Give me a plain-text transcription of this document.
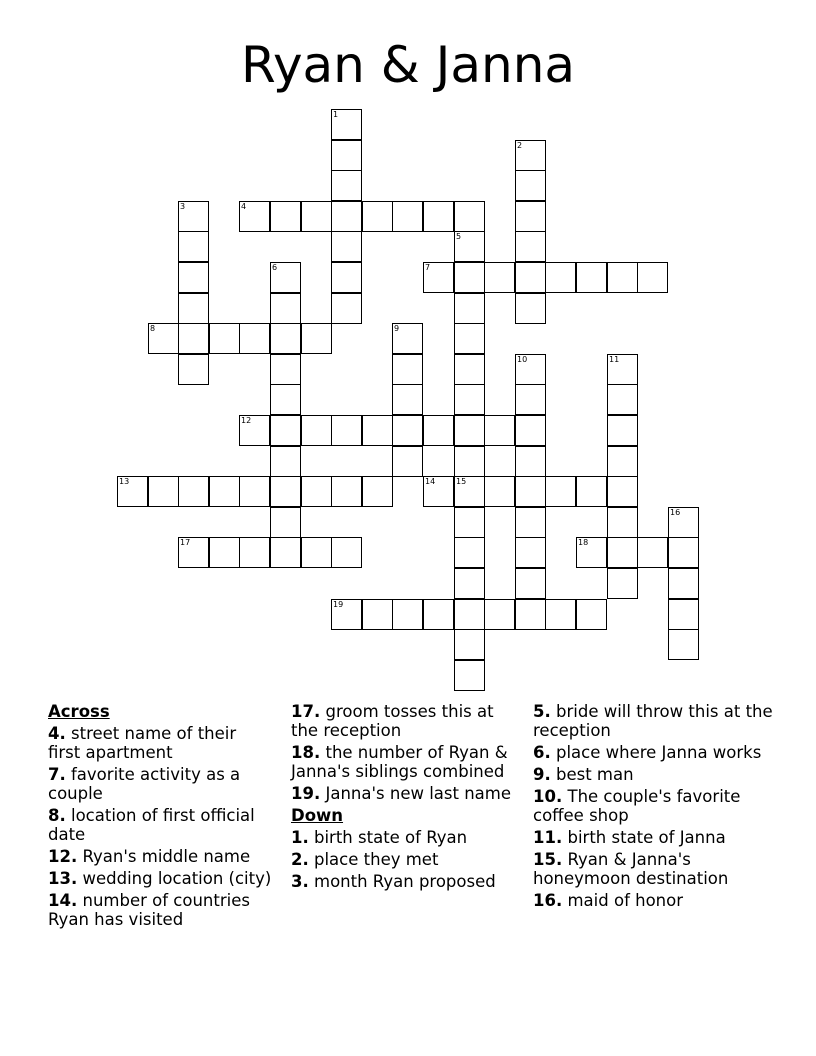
Ryan & Janna
1
2
3	4
5
6	7
8	9
10	11
12
13	14	15
16
17	18
19
Across
4. street name of their first apartment
7. favorite activity as a couple
8. location of first official date
12. Ryan's middle name
13. wedding location (city)
14. number of countries Ryan has visited
17. groom tosses this at the reception
18. the number of Ryan & Janna's siblings combined
19. Janna's new last name
Down
1. birth state of Ryan
2. place they met
3. month Ryan proposed
5. bride will throw this at the reception
6. place where Janna works
9. best man
10. The couple's favorite coffee shop
11. birth state of Janna
15. Ryan & Janna's honeymoon destination
16. maid of honor
